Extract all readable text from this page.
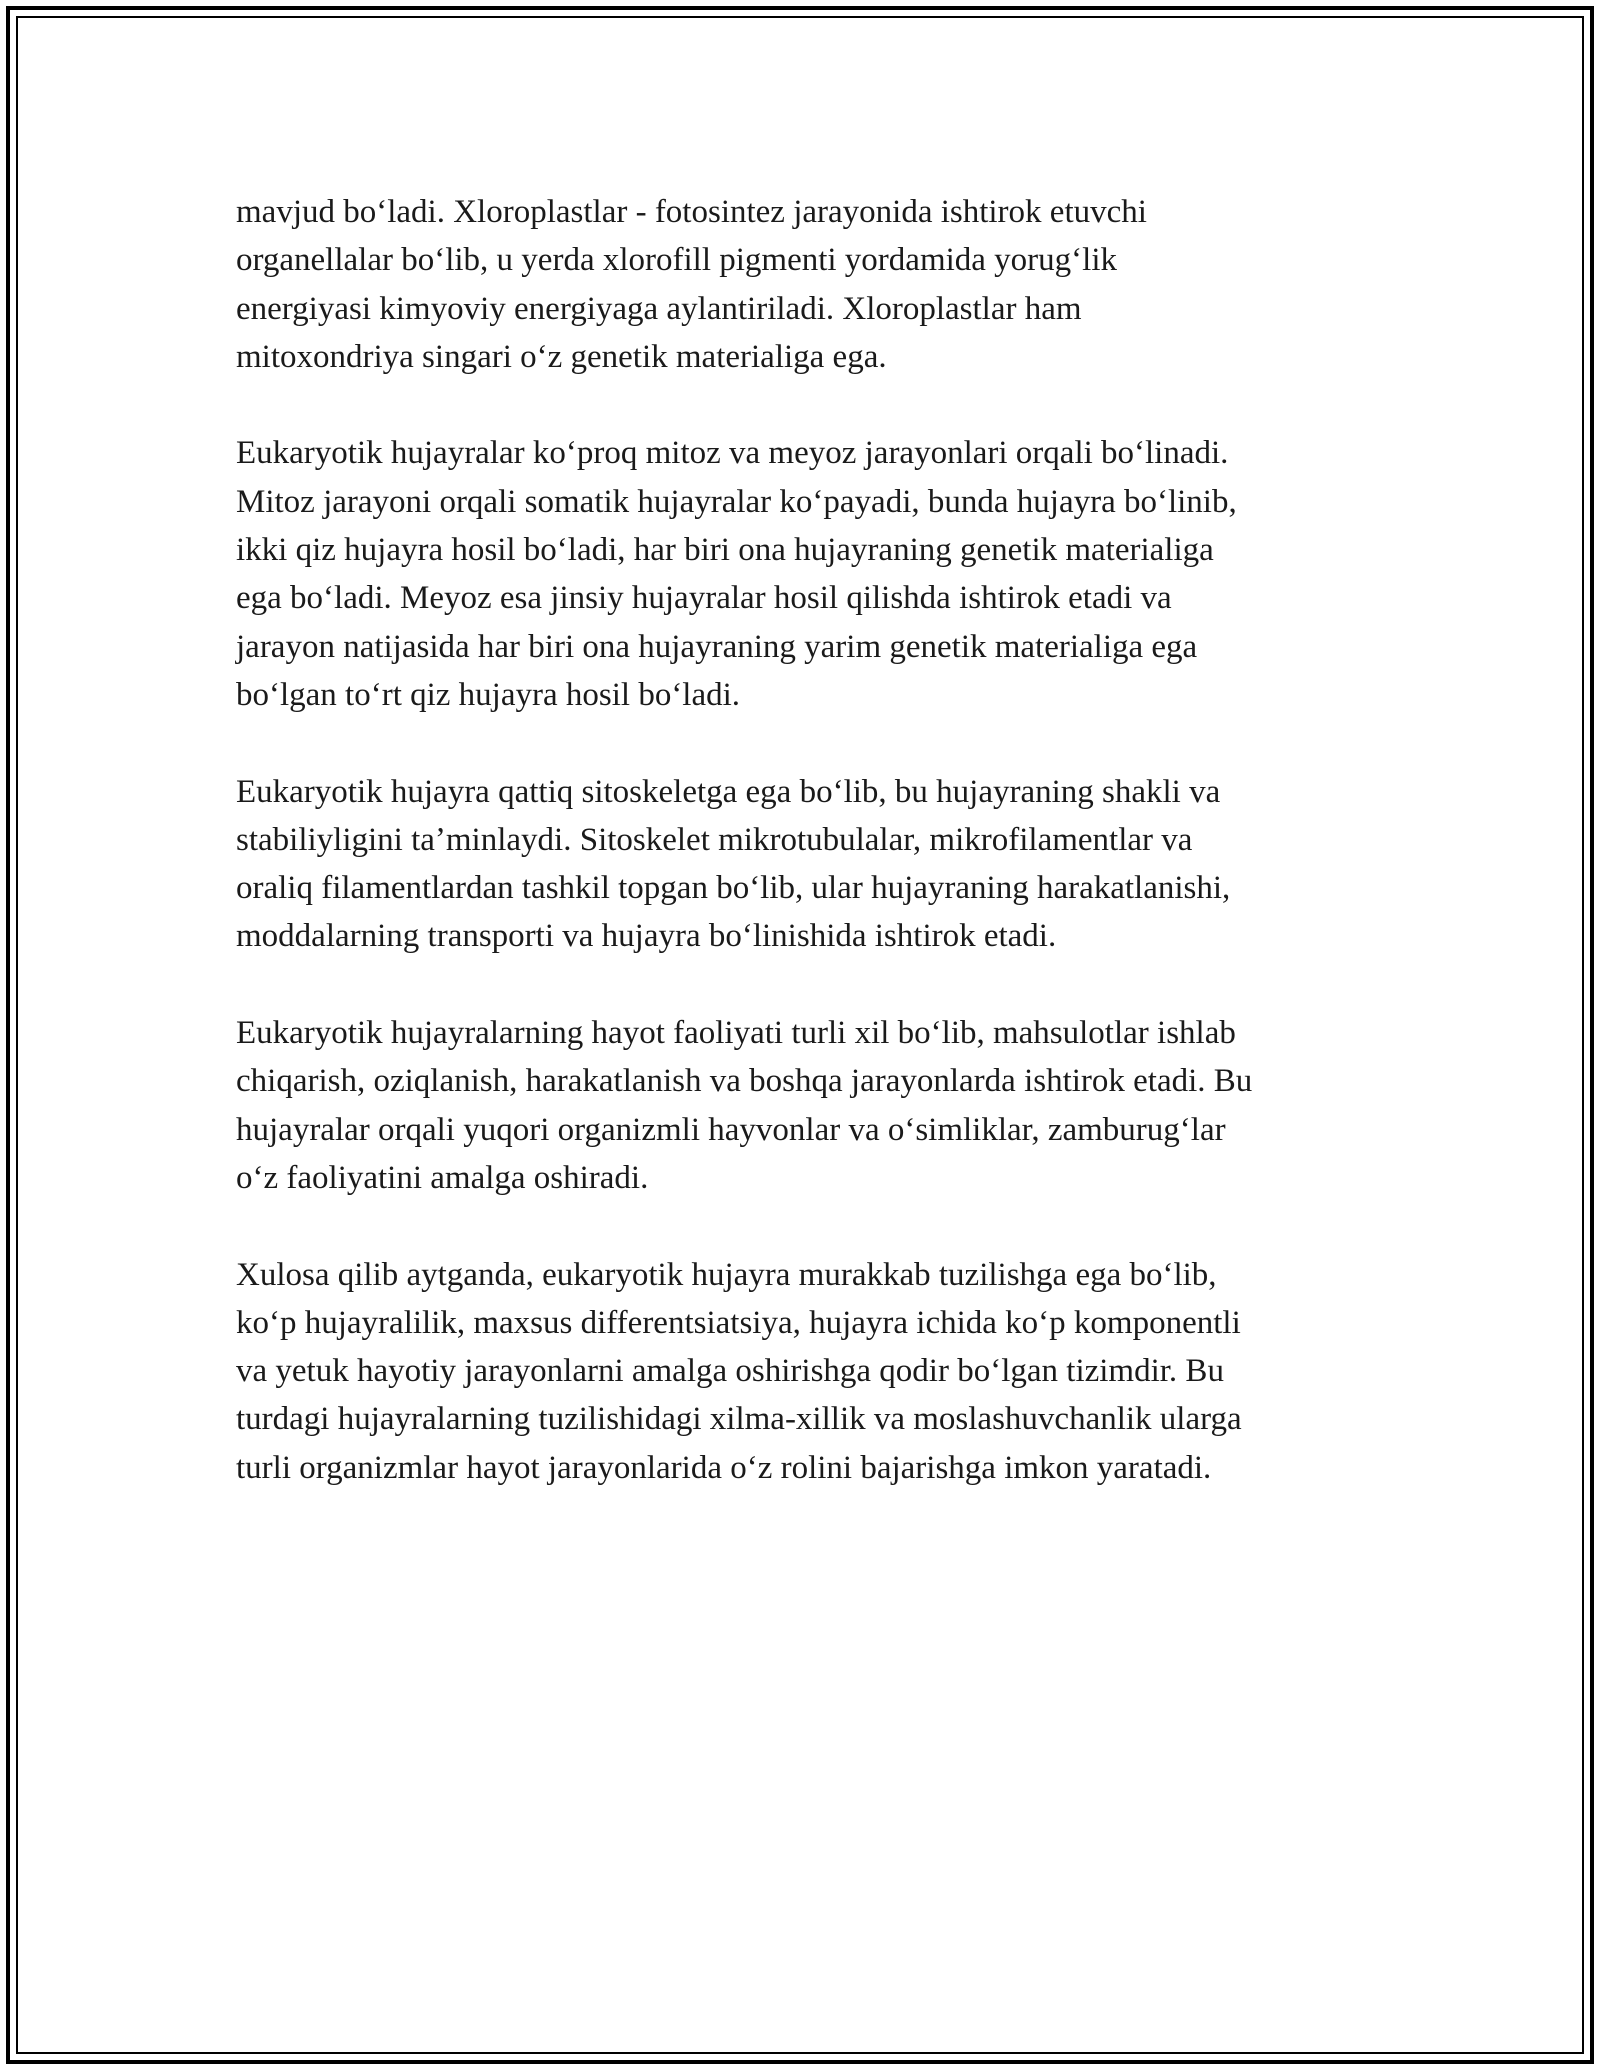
mavjud boʻladi. Xloroplastlar - fotosintez jarayonida ishtirok etuvchi
organellalar boʻlib, u yerda xlorofill pigmenti yordamida yorugʻlik
energiyasi kimyoviy energiyaga aylantiriladi. Xloroplastlar ham
mitoxondriya singari oʻz genetik materialiga ega.

Eukaryotik hujayralar koʻproq mitoz va meyoz jarayonlari orqali boʻlinadi.
Mitoz jarayoni orqali somatik hujayralar koʻpayadi, bunda hujayra boʻlinib,
ikki qiz hujayra hosil boʻladi, har biri ona hujayraning genetik materialiga
ega boʻladi. Meyoz esa jinsiy hujayralar hosil qilishda ishtirok etadi va
jarayon natijasida har biri ona hujayraning yarim genetik materialiga ega
boʻlgan toʻrt qiz hujayra hosil boʻladi.

Eukaryotik hujayra qattiq sitoskeletga ega boʻlib, bu hujayraning shakli va
stabiliyligini taʼminlaydi. Sitoskelet mikrotubulalar, mikrofilamentlar va
oraliq filamentlardan tashkil topgan boʻlib, ular hujayraning harakatlanishi,
moddalarning transporti va hujayra boʻlinishida ishtirok etadi.

Eukaryotik hujayralarning hayot faoliyati turli xil boʻlib, mahsulotlar ishlab
chiqarish, oziqlanish, harakatlanish va boshqa jarayonlarda ishtirok etadi. Bu
hujayralar orqali yuqori organizmli hayvonlar va oʻsimliklar, zamburugʻlar
oʻz faoliyatini amalga oshiradi.

Xulosa qilib aytganda, eukaryotik hujayra murakkab tuzilishga ega boʻlib,
koʻp hujayralilik, maxsus differentsiatsiya, hujayra ichida koʻp komponentli
va yetuk hayotiy jarayonlarni amalga oshirishga qodir boʻlgan tizimdir. Bu
turdagi hujayralarning tuzilishidagi xilma-xillik va moslashuvchanlik ularga
turli organizmlar hayot jarayonlarida oʻz rolini bajarishga imkon yaratadi.
